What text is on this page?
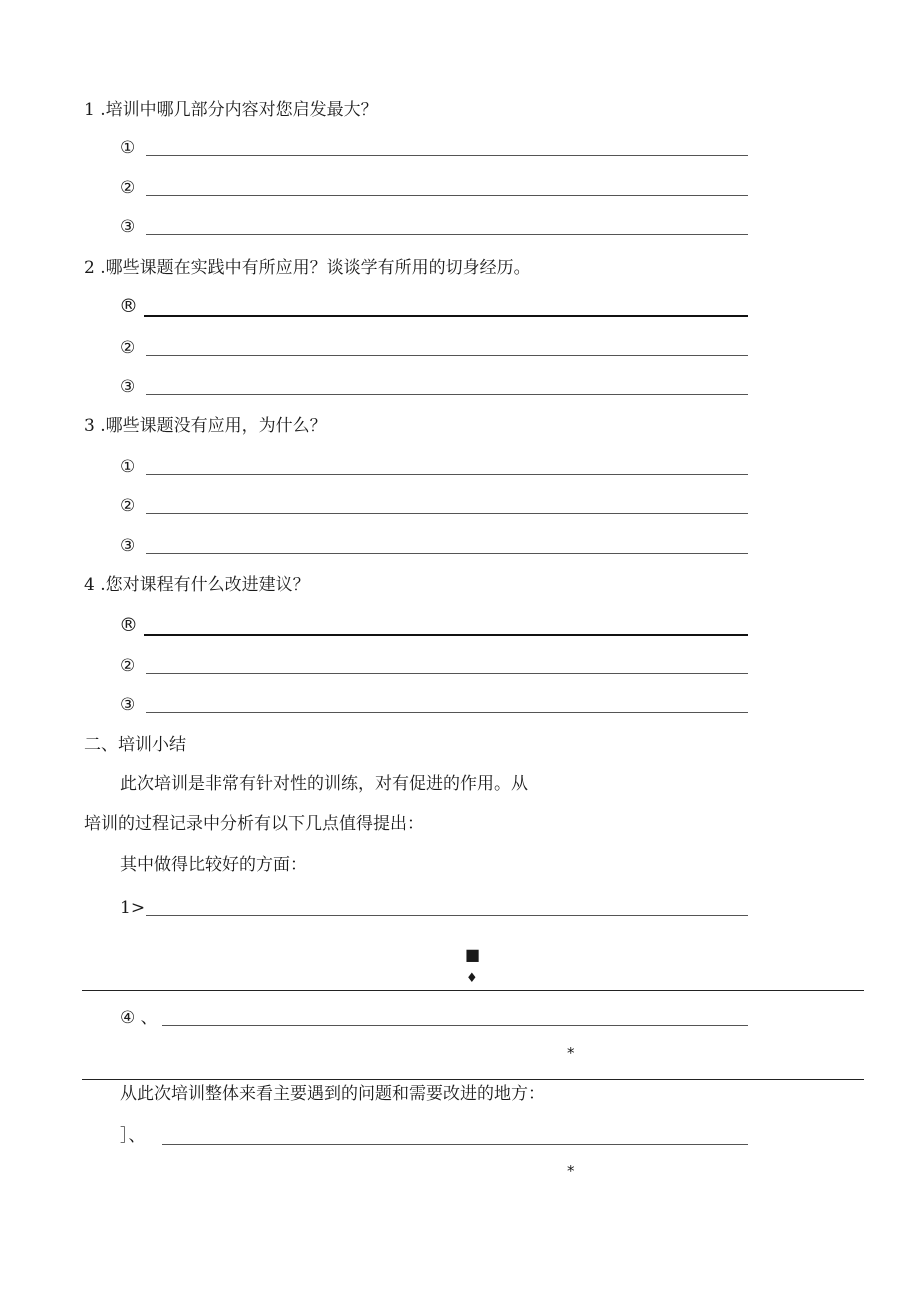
1 .培训中哪几部分内容对您启发最大？
①
②
③
2 .哪些课题在实践中有所应用？谈谈学有所用的切身经历。
®
②
③
3 .哪些课题没有应用，为什么？
①
②
③
4 .您对课程有什么改进建议？
®
②
③
二、培训小结
此次培训是非常有针对性的训练，对有促进的作用。从
培训的过程记录中分析有以下几点值得提出：
其中做得比较好的方面：
1>
■
♦
④ 、
*
从此次培训整体来看主要遇到的问题和需要改进的地方：
］、
*
